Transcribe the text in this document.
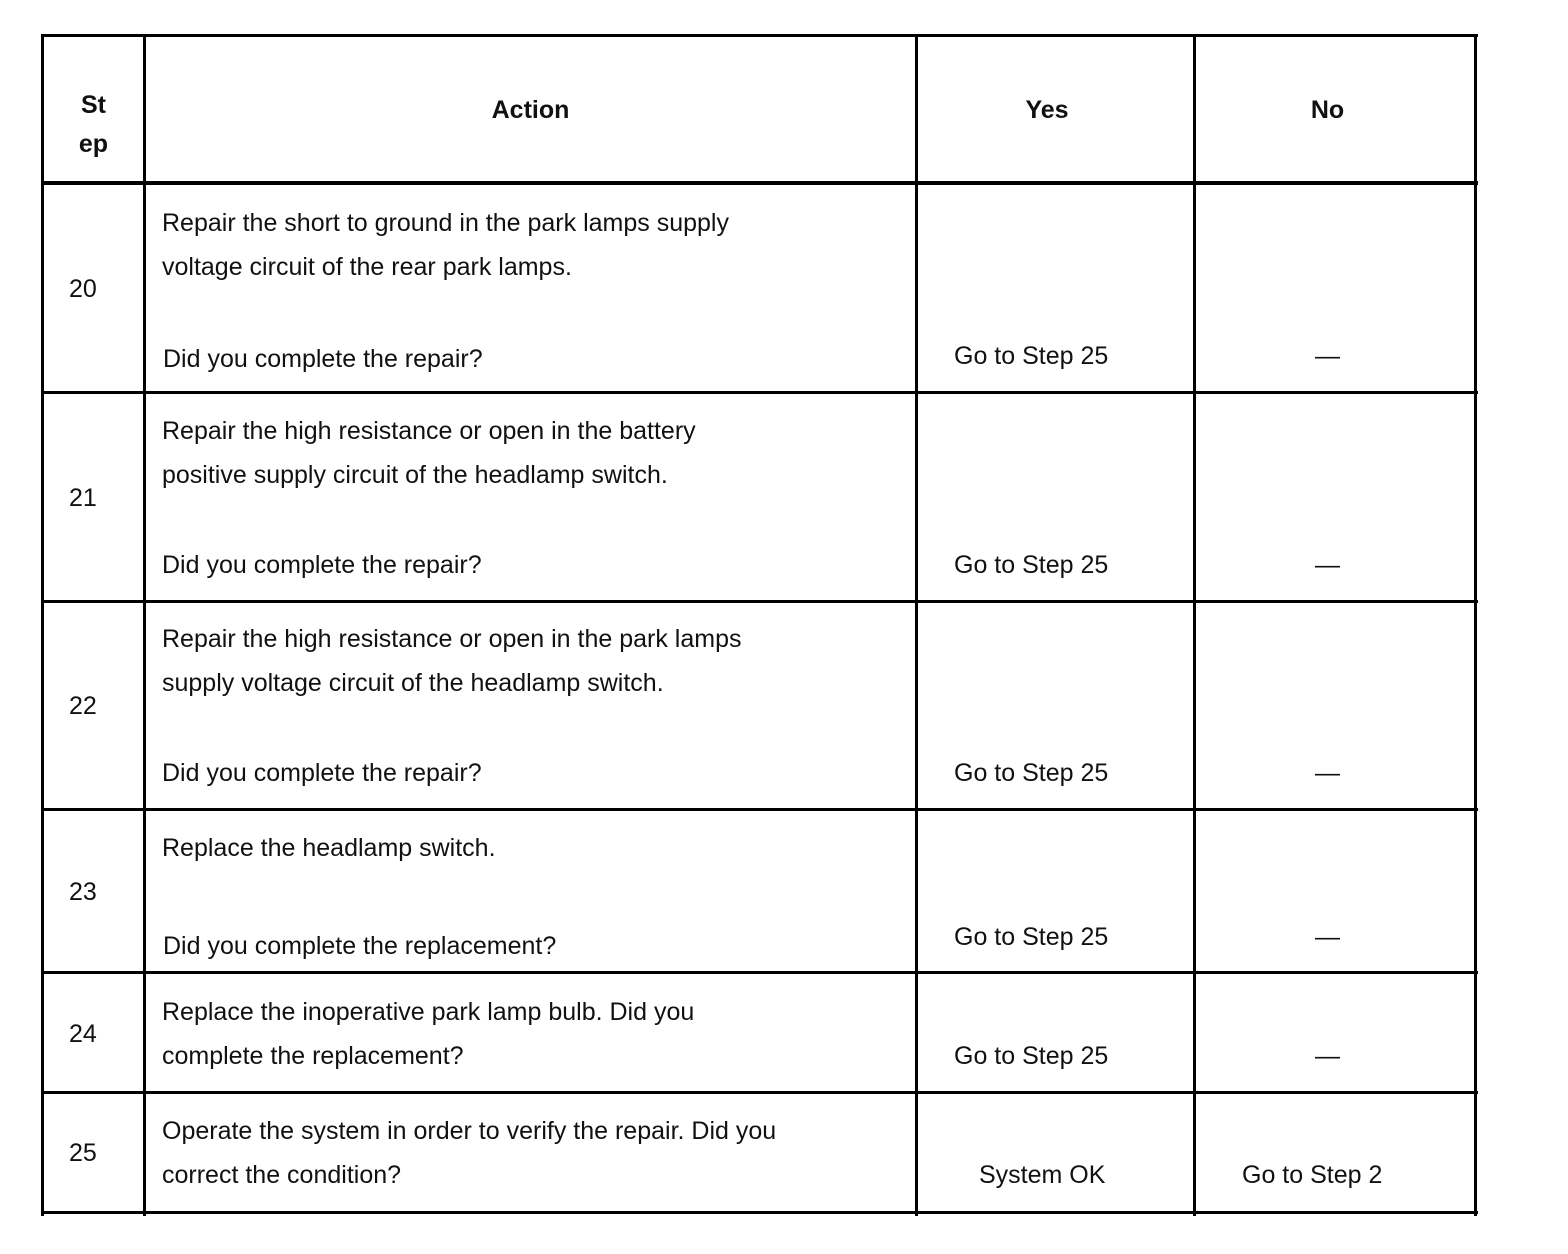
St
ep
Action	Yes	No
20
Repair the short to ground in the park lamps supply
voltage circuit of the rear park lamps.
Did you complete the repair?	Go to Step 25	—
21
Repair the high resistance or open in the battery
positive supply circuit of the headlamp switch.
Did you complete the repair?	Go to Step 25	—
22
Repair the high resistance or open in the park lamps
supply voltage circuit of the headlamp switch.
Did you complete the repair?	Go to Step 25	—
23
Replace the headlamp switch.
Did you complete the replacement?	Go to Step 25	—
24
Replace the inoperative park lamp bulb. Did you
complete the replacement?	Go to Step 25	—
25
Operate the system in order to verify the repair. Did you
correct the condition?	System OK	Go to Step 2
